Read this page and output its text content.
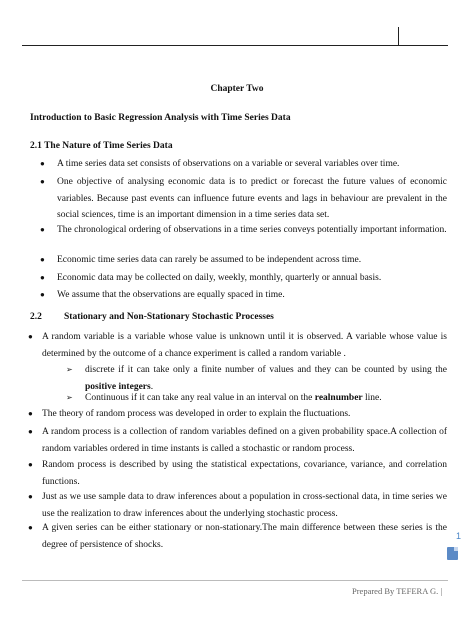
Chapter Two
Introduction to Basic Regression Analysis with Time Series Data
2.1 The Nature of Time Series Data
● A time series data set consists of observations on a variable or several variables over time.
● One objective of analysing economic data is to predict or forecast the future values of economic variables. Because past events can influence future events and lags in behaviour are prevalent in the social sciences, time is an important dimension in a time series data set.
● The chronological ordering of observations in a time series conveys potentially important information.
● Economic time series data can rarely be assumed to be independent across time.
● Economic data may be collected on daily, weekly, monthly, quarterly or annual basis.
● We assume that the observations are equally spaced in time.
2.2 Stationary and Non-Stationary Stochastic Processes
● A random variable is a variable whose value is unknown until it is observed. A variable whose value is determined by the outcome of a chance experiment is called a random variable .
➢ discrete if it can take only a finite number of values and they can be counted by using the positive integers.
➢ Continuous if it can take any real value in an interval on the realnumber line.
● The theory of random process was developed in order to explain the fluctuations.
● A random process is a collection of random variables defined on a given probability space.A collection of random variables ordered in time instants is called a stochastic or random process.
● Random process is described by using the statistical expectations, covariance, variance, and correlation functions.
● Just as we use sample data to draw inferences about a population in cross-sectional data, in time series we use the realization to draw inferences about the underlying stochastic process.
● A given series can be either stationary or non-stationary.The main difference between these series is the degree of persistence of shocks.
1
Prepared By TEFERA G. |
